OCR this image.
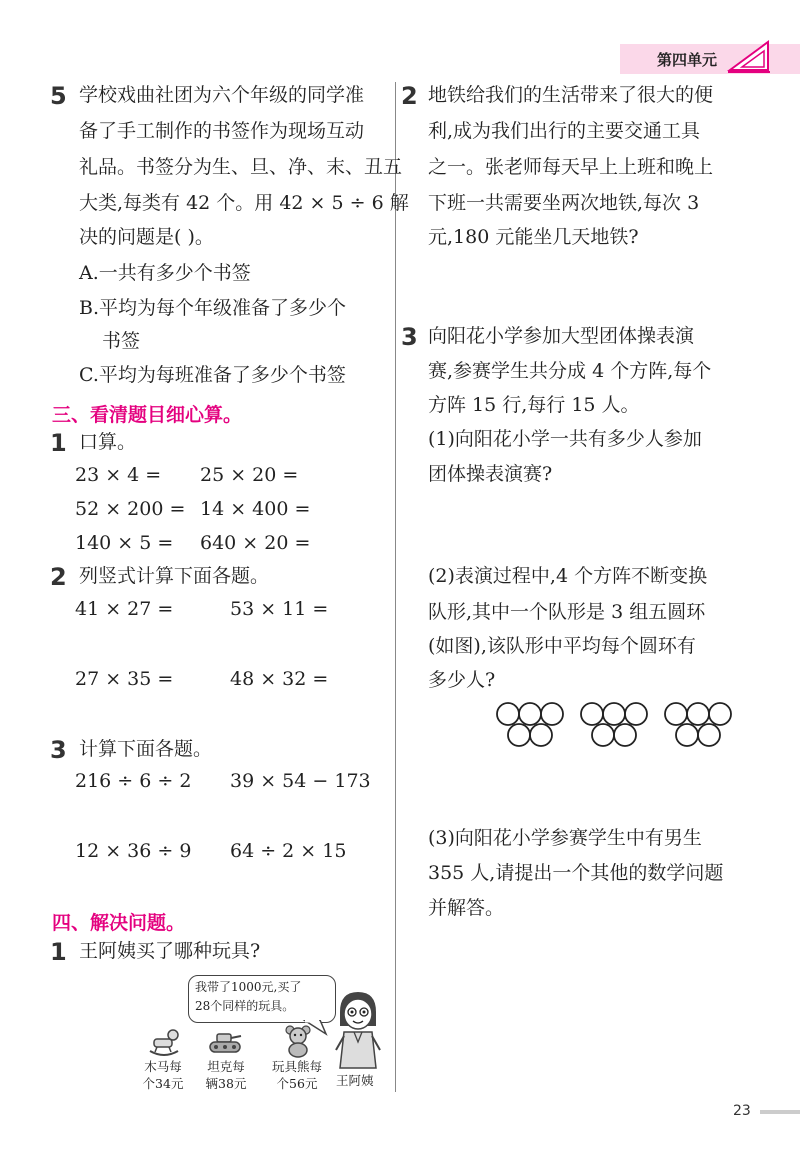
第四单元
5 学校戏曲社团为六个年级的同学准
备了手工制作的书签作为现场互动
礼品。书签分为生、旦、净、末、丑五
大类,每类有 42 个。用 42 × 5 ÷ 6 解
决的问题是( )。
A.一共有多少个书签
B.平均为每个年级准备了多少个
书签
C.平均为每班准备了多少个书签
三、看清题目细心算。
1 口算。
23 × 4 = 25 × 20 =
52 × 200 = 14 × 400 =
140 × 5 = 640 × 20 =
2 列竖式计算下面各题。
41 × 27 =	53 × 11 =
27 × 35 =	48 × 32 =
3 计算下面各题。
216 ÷ 6 ÷ 2 39 × 54 − 173
12 × 36 ÷ 9 64 ÷ 2 × 15
四、解决问题。
1 王阿姨买了哪种玩具?
我带了1000元,买了
28个同样的玩具。
木马每
个34元
坦克每
辆38元
玩具熊每
个56元	王阿姨
2 地铁给我们的生活带来了很大的便
利,成为我们出行的主要交通工具
之一。张老师每天早上上班和晚上
下班一共需要坐两次地铁,每次 3
元,180 元能坐几天地铁?
3 向阳花小学参加大型团体操表演
赛,参赛学生共分成 4 个方阵,每个
方阵 15 行,每行 15 人。
(1)向阳花小学一共有多少人参加
团体操表演赛?
(2)表演过程中,4 个方阵不断变换
队形,其中一个队形是 3 组五圆环
(如图),该队形中平均每个圆环有
多少人?
(3)向阳花小学参赛学生中有男生
355 人,请提出一个其他的数学问题
并解答。
23
